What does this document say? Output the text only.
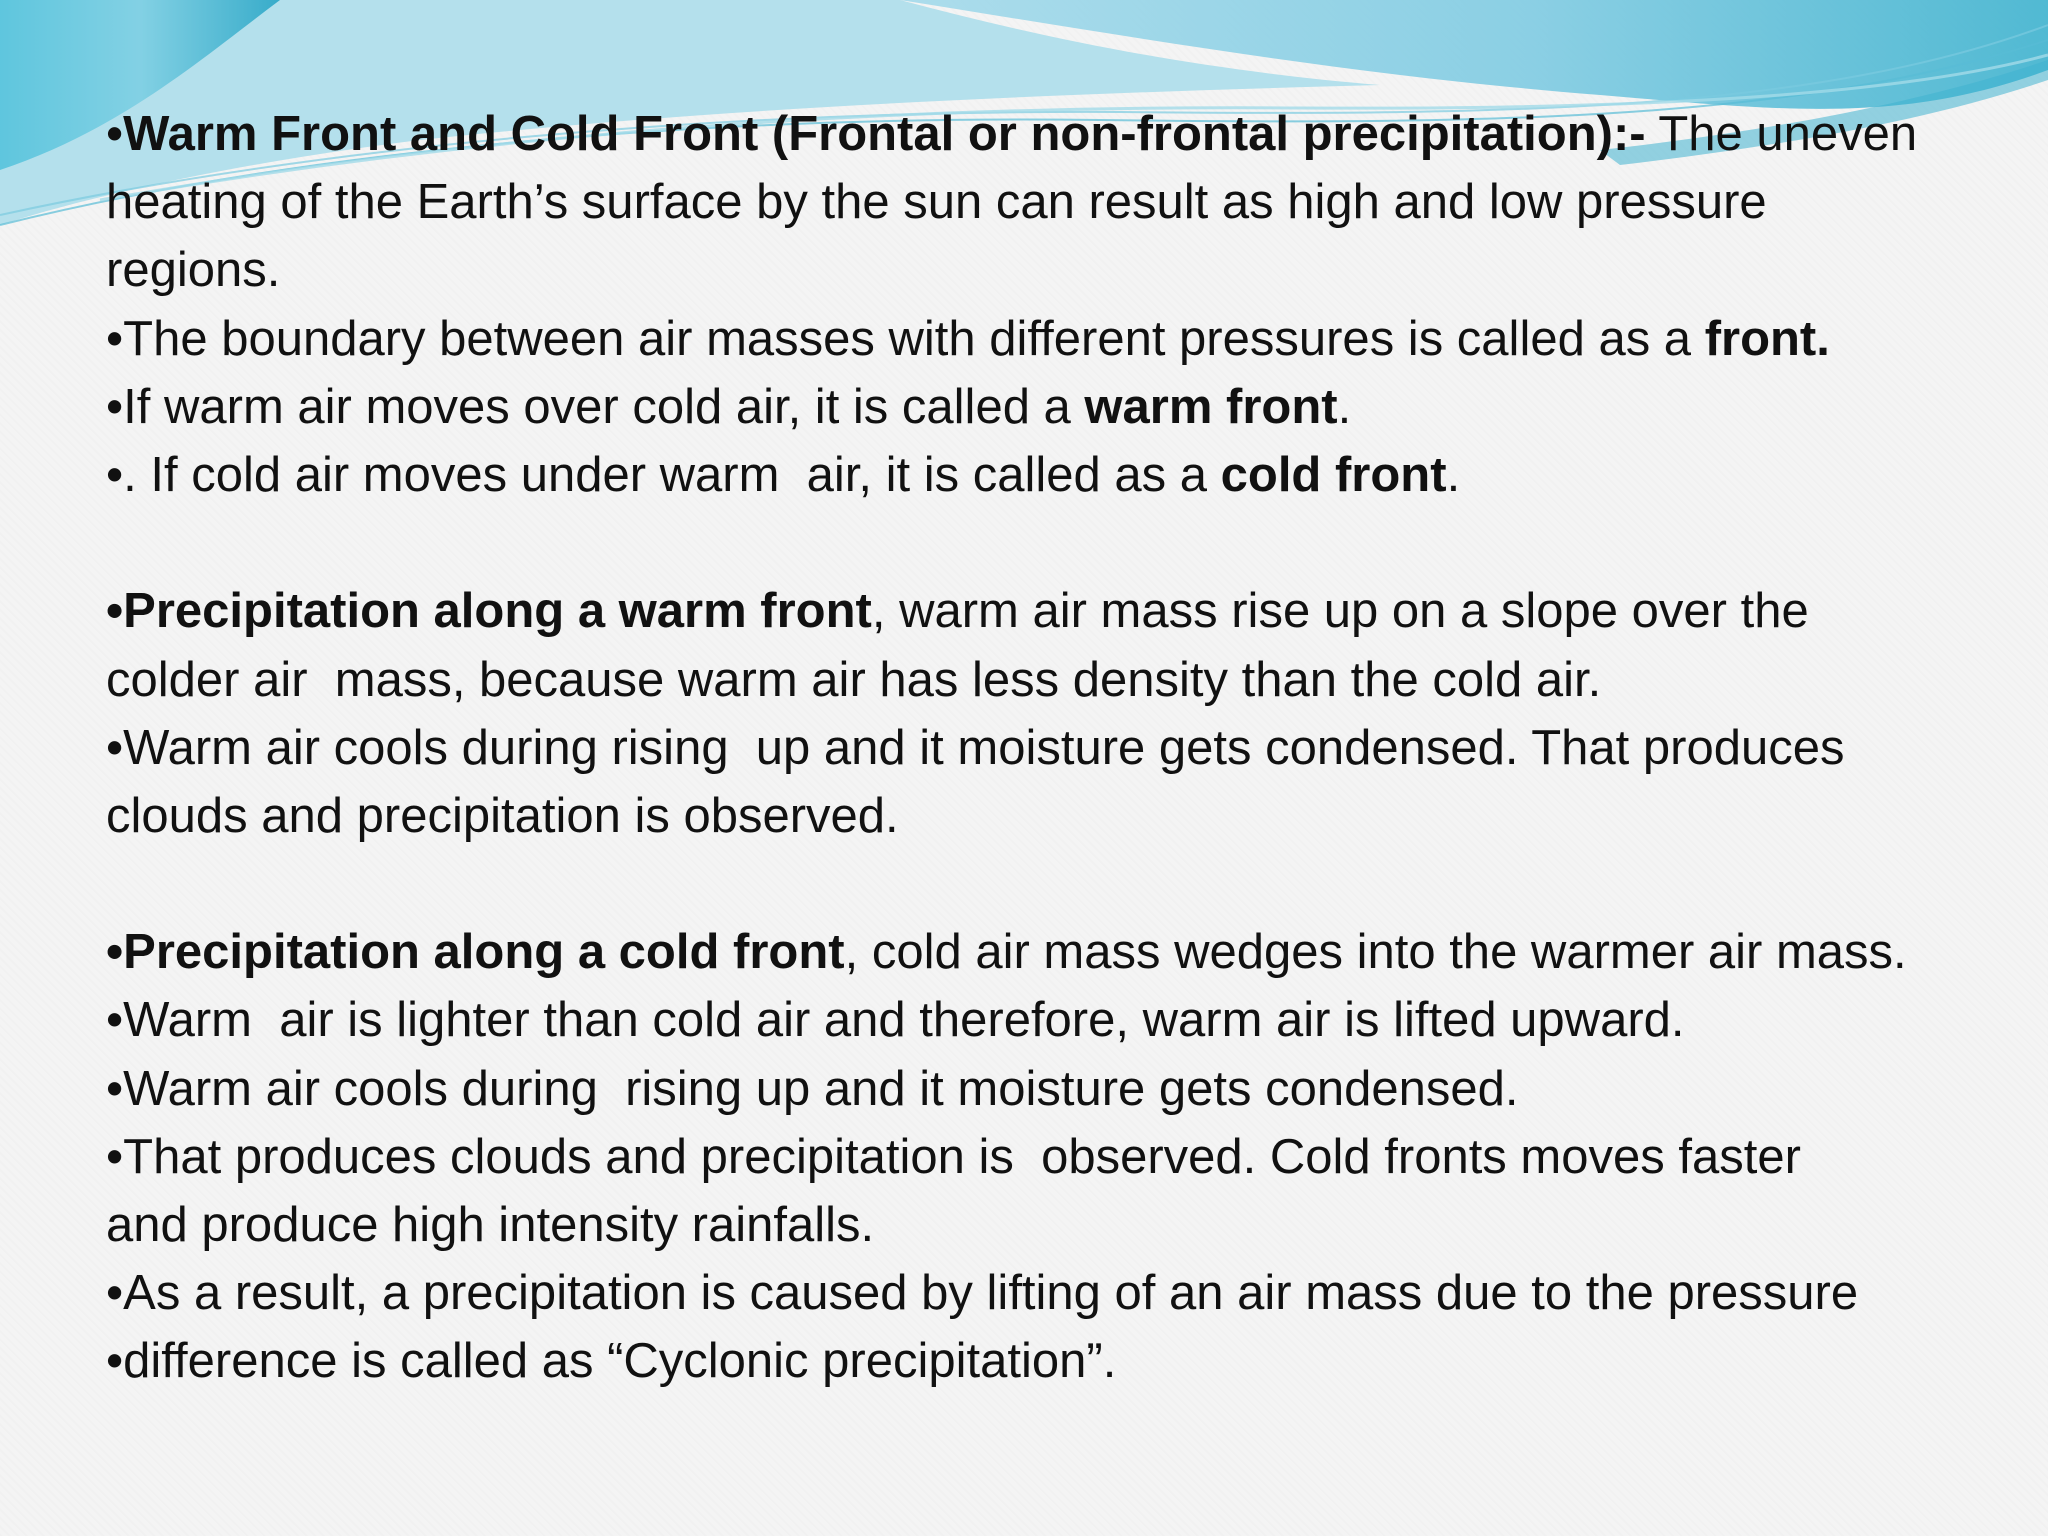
•Warm Front and Cold Front (Frontal or non-frontal precipitation):- The uneven
heating of the Earth’s surface by the sun can result as high and low pressure
regions.
•The boundary between air masses with different pressures is called as a front.
•If warm air moves over cold air, it is called a warm front.
•. If cold air moves under warm  air, it is called as a cold front.
•Precipitation along a warm front, warm air mass rise up on a slope over the
colder air  mass, because warm air has less density than the cold air.
•Warm air cools during rising  up and it moisture gets condensed. That produces
clouds and precipitation is observed.
•Precipitation along a cold front, cold air mass wedges into the warmer air mass.
•Warm  air is lighter than cold air and therefore, warm air is lifted upward.
•Warm air cools during  rising up and it moisture gets condensed.
•That produces clouds and precipitation is  observed. Cold fronts moves faster
and produce high intensity rainfalls.
•As a result, a precipitation is caused by lifting of an air mass due to the pressure
•difference is called as “Cyclonic precipitation”.
